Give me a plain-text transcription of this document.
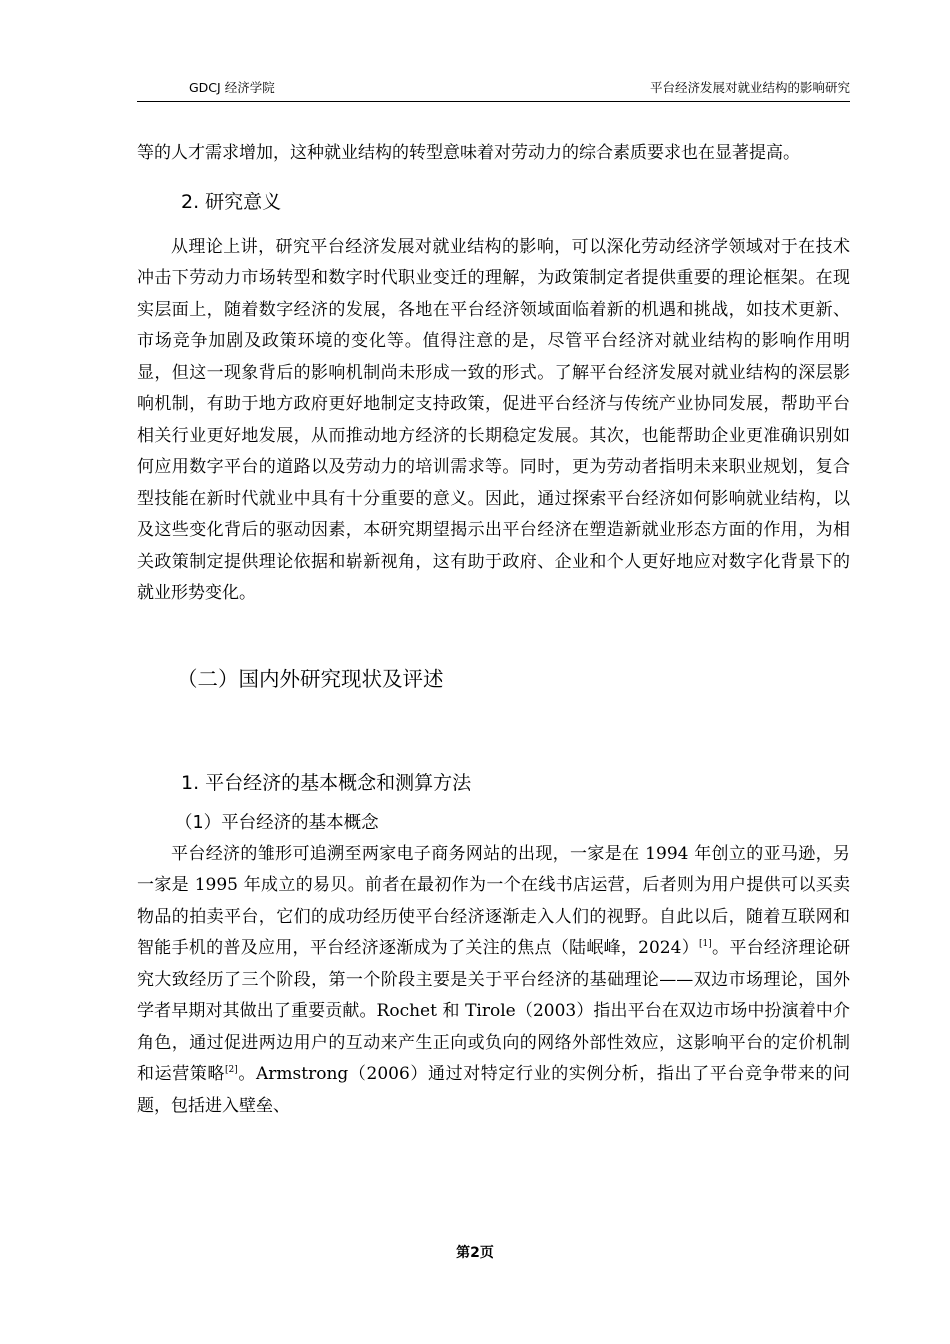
GDCJ 经济学院	平台经济发展对就业结构的影响研究

等的人才需求增加，这种就业结构的转型意味着对劳动力的综合素质要求也在显著提高。

2. 研究意义

从理论上讲，研究平台经济发展对就业结构的影响，可以深化劳动经济学领域对于在技术冲击下劳动力市场转型和数字时代职业变迁的理解，为政策制定者提供重要的理论框架。在现实层面上，随着数字经济的发展，各地在平台经济领域面临着新的机遇和挑战，如技术更新、市场竞争加剧及政策环境的变化等。值得注意的是，尽管平台经济对就业结构的影响作用明显，但这一现象背后的影响机制尚未形成一致的形式。了解平台经济发展对就业结构的深层影响机制，有助于地方政府更好地制定支持政策，促进平台经济与传统产业协同发展，帮助平台相关行业更好地发展，从而推动地方经济的长期稳定发展。其次，也能帮助企业更准确识别如何应用数字平台的道路以及劳动力的培训需求等。同时，更为劳动者指明未来职业规划，复合型技能在新时代就业中具有十分重要的意义。因此，通过探索平台经济如何影响就业结构，以及这些变化背后的驱动因素，本研究期望揭示出平台经济在塑造新就业形态方面的作用，为相关政策制定提供理论依据和崭新视角，这有助于政府、企业和个人更好地应对数字化背景下的就业形势变化。

（二）国内外研究现状及评述
1. 平台经济的基本概念和测算方法
（1）平台经济的基本概念

平台经济的雏形可追溯至两家电子商务网站的出现，一家是在 1994 年创立的亚马逊，另一家是 1995 年成立的易贝。前者在最初作为一个在线书店运营，后者则为用户提供可以买卖物品的拍卖平台，它们的成功经历使平台经济逐渐走入人们的视野。自此以后，随着互联网和智能手机的普及应用，平台经济逐渐成为了关注的焦点（陆岷峰，2024）[1]。平台经济理论研究大致经历了三个阶段，第一个阶段主要是关于平台经济的基础理论——双边市场理论，国外学者早期对其做出了重要贡献。Rochet 和 Tirole（2003）指出平台在双边市场中扮演着中介角色，通过促进两边用户的互动来产生正向或负向的网络外部性效应，这影响平台的定价机制和运营策略[2]。Armstrong（2006）通过对特定行业的实例分析，指出了平台竞争带来的问题，包括进入壁垒、

第2页
